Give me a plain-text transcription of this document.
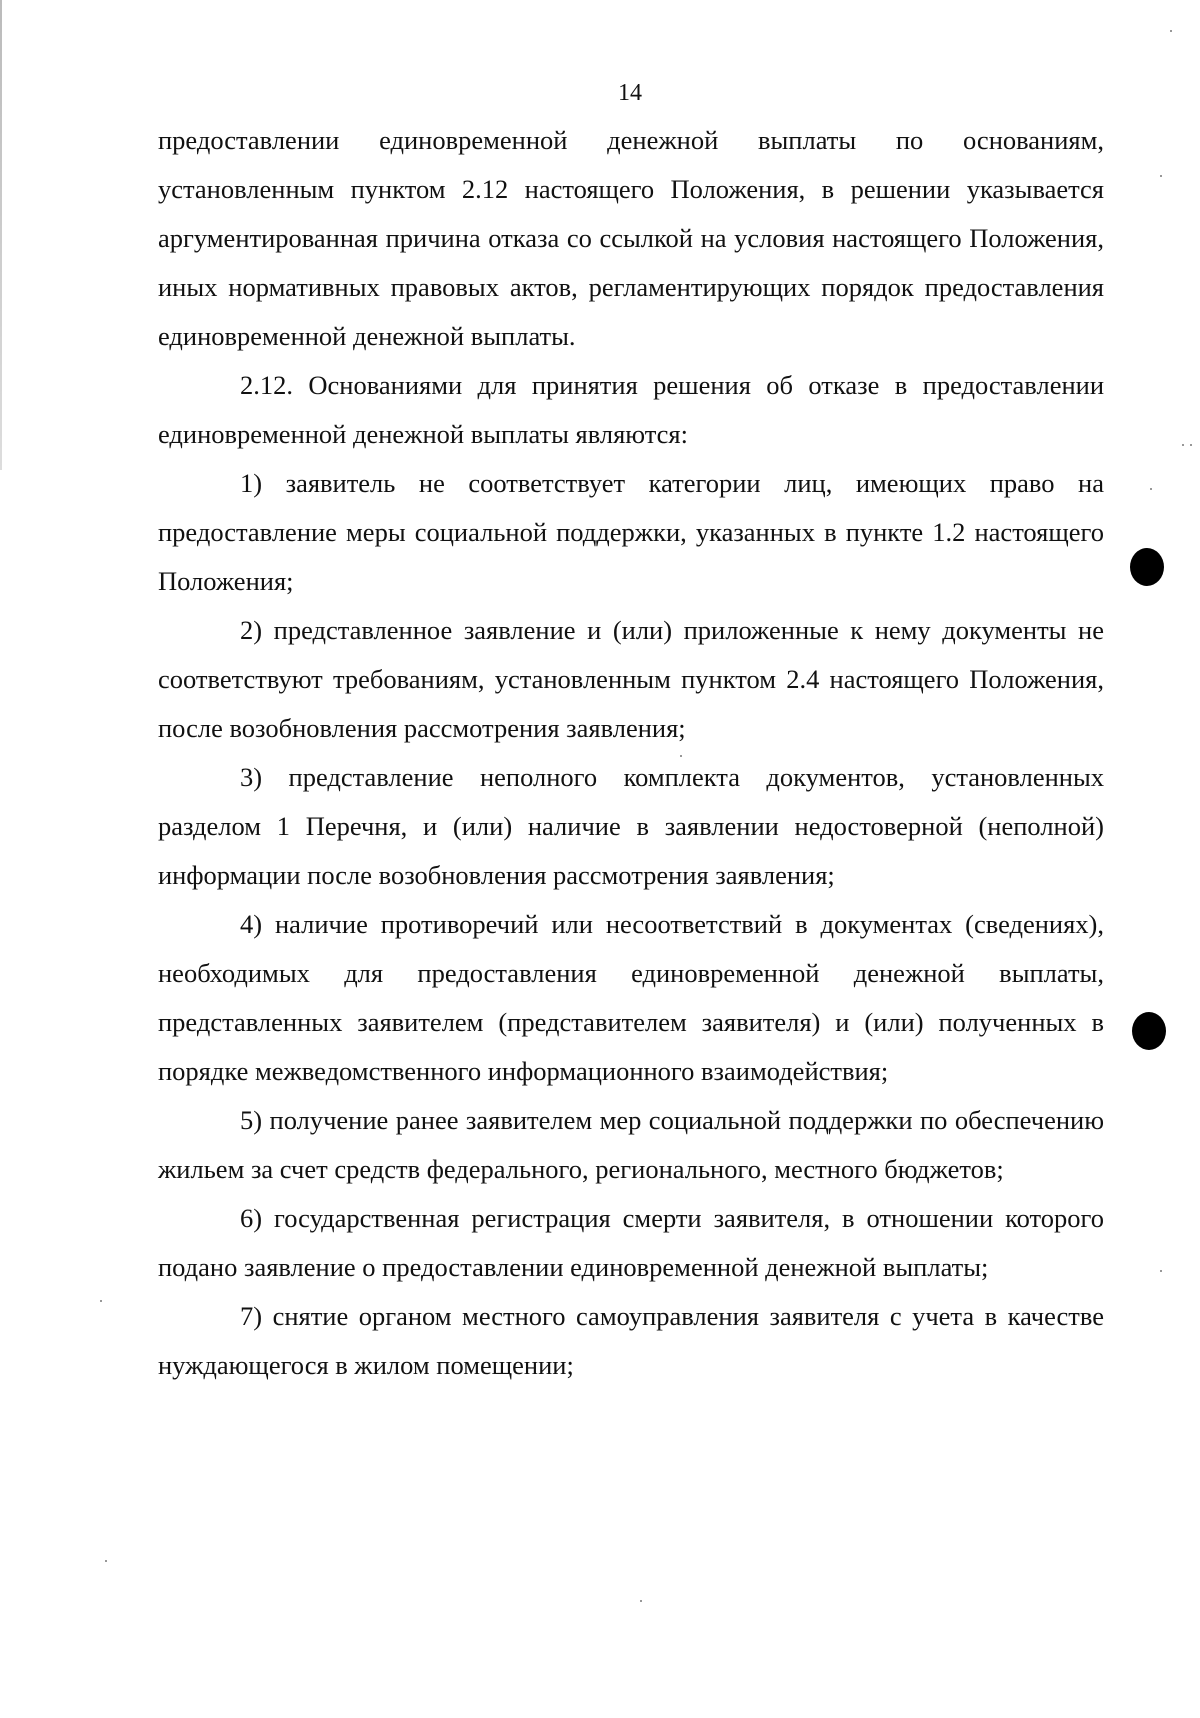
14

предоставлении единовременной денежной выплаты по основаниям, установленным пунктом 2.12 настоящего Положения, в решении указывается аргументированная причина отказа со ссылкой на условия настоящего Положения, иных нормативных правовых актов, регламентирующих порядок предоставления единовременной денежной выплаты.

2.12. Основаниями для принятия решения об отказе в предоставлении единовременной денежной выплаты являются:

1) заявитель не соответствует категории лиц, имеющих право на предоставление меры социальной поддержки, указанных в пункте 1.2 настоящего Положения;

2) представленное заявление и (или) приложенные к нему документы не соответствуют требованиям, установленным пунктом 2.4 настоящего Положения, после возобновления рассмотрения заявления;

3) представление неполного комплекта документов, установленных разделом 1 Перечня, и (или) наличие в заявлении недостоверной (неполной) информации после возобновления рассмотрения заявления;

4) наличие противоречий или несоответствий в документах (сведениях), необходимых для предоставления единовременной денежной выплаты, представленных заявителем (представителем заявителя) и (или) полученных в порядке межведомственного информационного взаимодействия;

5) получение ранее заявителем мер социальной поддержки по обеспечению жильем за счет средств федерального, регионального, местного бюджетов;

6) государственная регистрация смерти заявителя, в отношении которого подано заявление о предоставлении единовременной денежной выплаты;

7) снятие органом местного самоуправления заявителя с учета в качестве нуждающегося в жилом помещении;
